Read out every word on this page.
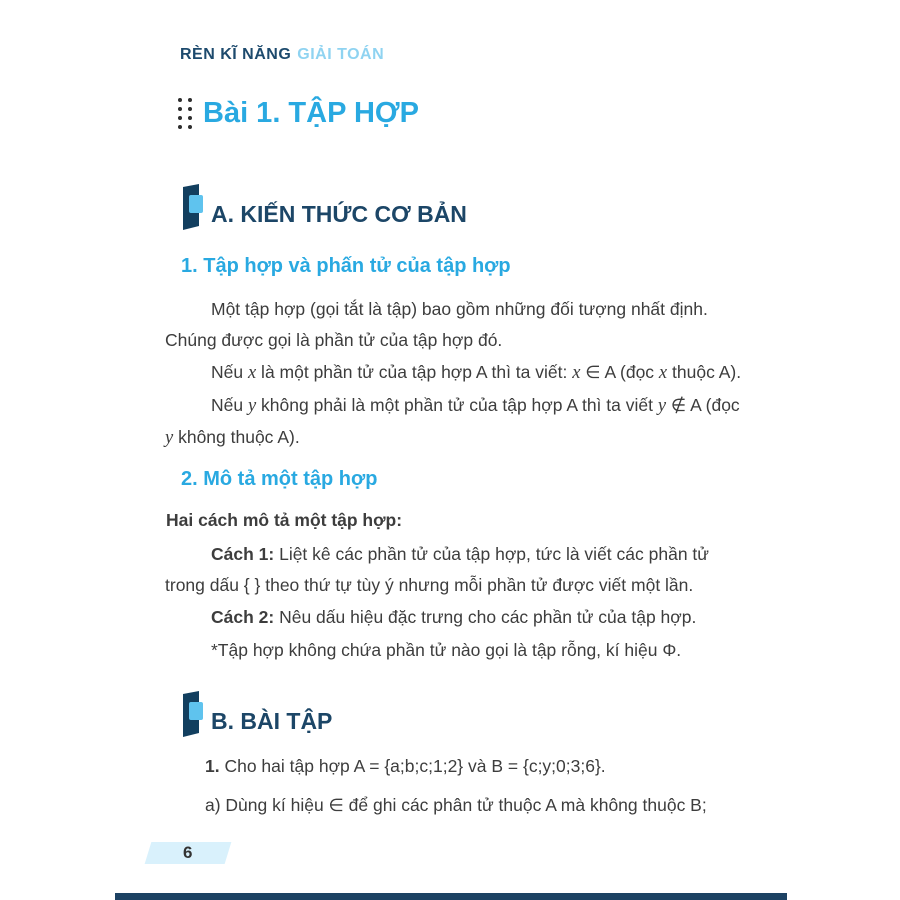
RÈN KĨ NĂNG GIẢI TOÁN
Bài 1. TẬP HỢP
A. KIẾN THỨC CƠ BẢN
1. Tập hợp và phấn tử của tập hợp
Một tập hợp (gọi tắt là tập) bao gồm những đối tượng nhất định. Chúng được gọi là phần tử của tập hợp đó.
Nếu x là một phần tử của tập hợp A thì ta viết: x ∈ A (đọc x thuộc A).
Nếu y không phải là một phần tử của tập hợp A thì ta viết y ∉ A (đọc y không thuộc A).
2. Mô tả một tập hợp
Hai cách mô tả một tập hợp:
Cách 1: Liệt kê các phần tử của tập hợp, tức là viết các phần tử trong dấu { } theo thứ tự tùy ý nhưng mỗi phần tử được viết một lần.
Cách 2: Nêu dấu hiệu đặc trưng cho các phần tử của tập hợp.
*Tập hợp không chứa phần tử nào gọi là tập rỗng, kí hiệu Φ.
B. BÀI TẬP
1. Cho hai tập hợp A = {a;b;c;1;2} và B = {c;y;0;3;6}.
a) Dùng kí hiệu ∈ để ghi các phân tử thuộc A mà không thuộc B;
6
